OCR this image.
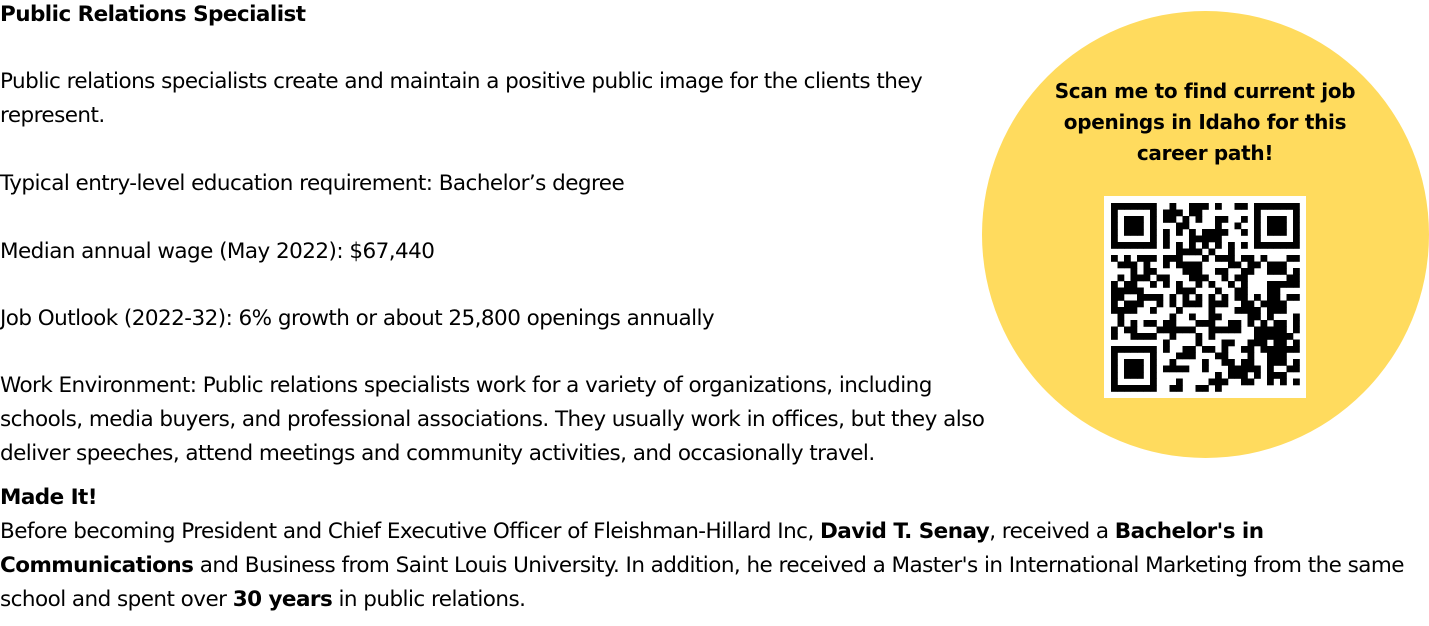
Public Relations Specialist

Public relations specialists create and maintain a positive public image for the clients they represent.

Typical entry-level education requirement: Bachelor’s degree

Median annual wage (May 2022): $67,440

Job Outlook (2022-32): 6% growth or about 25,800 openings annually

Work Environment: Public relations specialists work for a variety of organizations, including schools, media buyers, and professional associations. They usually work in offices, but they also deliver speeches, attend meetings and community activities, and occasionally travel.

Made It!

Before becoming President and Chief Executive Officer of Fleishman-Hillard Inc, David T. Senay, received a Bachelor's in Communications and Business from Saint Louis University. In addition, he received a Master's in International Marketing from the same school and spent over 30 years in public relations.

Scan me to find current job openings in Idaho for this career path!
